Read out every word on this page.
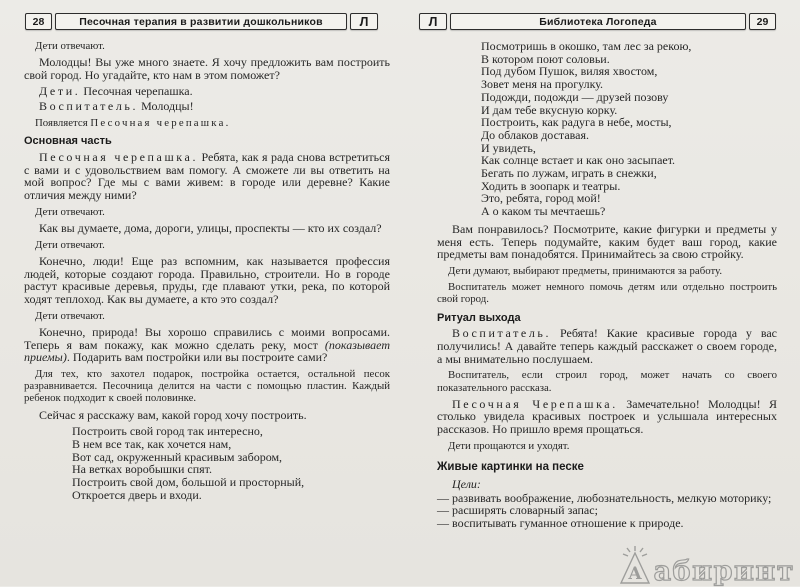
28	Песочная терапия в развитии дошкольников	Л
Дети отвечают.
Молодцы! Вы уже много знаете. Я хочу предложить вам построить свой город. Но угадайте, кто нам в этом поможет?
Дети. Песочная черепашка.
Воспитатель. Молодцы!
Появляется Песочная черепашка.
Основная часть
Песочная черепашка. Ребята, как я рада снова встретиться с вами и с удовольствием вам помогу. А сможете ли вы ответить на мой вопрос? Где мы с вами живем: в городе или деревне? Какие отличия между ними?
Дети отвечают.
Как вы думаете, дома, дороги, улицы, проспекты — кто их создал?
Дети отвечают.
Конечно, люди! Еще раз вспомним, как называется профессия людей, которые создают города. Правильно, строители. Но в городе растут красивые деревья, пруды, где плавают утки, река, по которой ходят теплоход. Как вы думаете, а кто это создал?
Дети отвечают.
Конечно, природа! Вы хорошо справились с моими вопросами. Теперь я вам покажу, как можно сделать реку, мост (показывает приемы). Подарить вам постройки или вы построите сами?
Для тех, кто захотел подарок, постройка остается, остальной песок разравнивается. Песочница делится на части с помощью пластин. Каждый ребенок подходит к своей половинке.
Сейчас я расскажу вам, какой город хочу построить.
Построить свой город так интересно,
В нем все так, как хочется нам,
Вот сад, окруженный красивым забором,
На ветках воробышки спят.
Построить свой дом, большой и просторный,
Откроется дверь и входи.
Л	Библиотека Логопеда	29
Посмотришь в окошко, там лес за рекою,
В котором поют соловьи.
Под дубом Пушок, виляя хвостом,
Зовет меня на прогулку.
Подожди, подожди — друзей позову
И дам тебе вкусную корку.
Построить, как радуга в небе, мосты,
До облаков доставая.
И увидеть,
Как солнце встает и как оно засыпает.
Бегать по лужам, играть в снежки,
Ходить в зоопарк и театры.
Это, ребята, город мой!
А о каком ты мечтаешь?
Вам понравилось? Посмотрите, какие фигурки и предметы у меня есть. Теперь подумайте, каким будет ваш город, какие предметы вам понадобятся. Принимайтесь за свою стройку.
Дети думают, выбирают предметы, принимаются за работу.
Воспитатель может немного помочь детям или отдельно построить свой город.
Ритуал выхода
Воспитатель. Ребята! Какие красивые города у вас получились! А давайте теперь каждый расскажет о своем городе, а мы внимательно послушаем.
Воспитатель, если строил город, может начать со своего показательного рассказа.
Песочная Черепашка. Замечательно! Молодцы! Я столько увидела красивых построек и услышала интересных рассказов. Но пришло время прощаться.
Дети прощаются и уходят.
Живые картинки на песке
Цели:
— развивать воображение, любознательность, мелкую моторику;
— расширять словарный запас;
— воспитывать гуманное отношение к природе.
А абиринт
